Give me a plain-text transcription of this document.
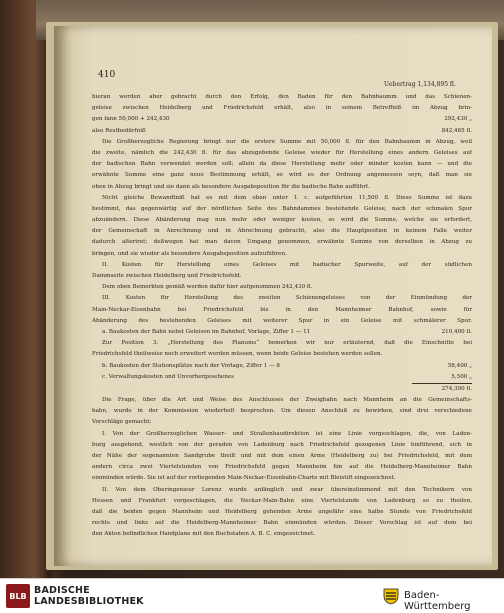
410
Uebertrag 1,134,895 fl.
hieran werden aber gebracht durch den Erfolg, den Baden für den Bahnbaumm und das Schienen-
geleise zwischen Heidelberg und Friedrichsfeld erhält, also in seinem Betreffniß im Abzug brin-
gen fann 50,000 + 242,430	292,430 „
also Restbedürfniß	842,465 fl.
Die Großherzogliche Regierung bringt nur die erstere Summe mit 50,000 fl. für den Bahnbaumm in Abzug, weil
die zweite, nämlich die 242,430 fl. für das abzugebende Geleise wieder für Herstellung eines andern Geleises auf
der badischen Bahn verwendet werden soll; allein da diese Herstellung mehr oder minder kosten kann — und die
erwähnte Summe eine ganz neue Bestimmung erhält, so wird es der Ordnung angemessen seyn, daß man sie
oben in Abzug bringt und sie dann als besondere Ausgabsposition für die badische Bahn aufführt.
Nicht gleiche Bewandtniß hat es mit dem oben unter I. c. aufgeführten 11,500 fl. Diese Summe ist dazu
bestimmt, das gegenwärtig auf der nördlichen Seite des Bahndammes bestehende Geleise, nach der schmalen Spur
abzuändern. Diese Abänderung mag nun mehr oder weniger kosten, so wird die Summe, welche sie erfordert,
der Gemeinschaft in Anrechnung und in Abrechnung gebracht, also die Hauptposition in keinem Falle weiter
dadurch alteriret; deßwegen hat man davon Umgang genommen, erwähnte Summe von derselben in Abzug zu
bringen, und sie wieder als besondere Ausgabsposition aufzuführen.
II. Kosten für Herstellung eines Geleises mit badischer Spurweite, auf der südlichen
Dammseite zwischen Heidelberg und Friedrichsfeld.
Dem oben Bemerkten gemäß werden dafür hier aufgenommen 242,430 fl.
III. Kosten für Herstellung des zweiten Schienengeleises von der Einmündung der
Main-Neckar-Eisenbahn bei Friedrichsfeld bis in den Mannheimer Bahnhof, sowie für
Abänderung des bestehenden Geleises mit weiterer Spur in ein Geleise mit schmälerer Spur.
a. Baukosten der Bahn nebst Geleisen im Bahnhof, Vorlage, Ziffer 1 — 11	210,400 fl.
Zur Position 3. „Herstellung des Planums“ bemerken wir nur erläuternd, daß die Einschnitte bei
Friedrichsfeld theilweise noch erweitert werden müssen, wenn beide Geleise bestehen werden sollen.
b. Baukosten der Stationsplätze nach der Vorlage, Ziffer 1 — 8	58,400 „
c. Verwaltungskosten und Unvorhergesehenes	5,500 „
274,300 fl.
Die Frage, über die Art und Weise des Anschlusses der Zweigbahn nach Mannheim an die Gemeinschafts-
bahn, wurde in der Kommission wiederholt besprochen. Um diesen Anschluß zu bewirken, sind drei verschiedene
Vorschläge gemacht:
I. Von der Großherzoglichen Wasser- und Straßenbaudirektion ist eine Linie vorgeschlagen, die, von Laden-
burg ausgehend, westlich von der geraden von Ladenburg nach Friedrichsfeld gezogenen Linie hinführend, sich in
der Nähe der sogenannten Sandgrube theilt und mit dem einen Arme (Heidelberg zu) bei Friedrichsfeld, mit dem
andern circa zwei Viertelstunden von Friedrichsfeld gegen Mannheim hin auf die Heidelberg-Mannheimer Bahn
einmünden würde. Sie ist auf der vorliegenden Main-Neckar-Eisenbahn-Charte mit Bleistift eingezeichnet.
II. Von dem Oberingenieur Lorenz wurde anfänglich und zwar übereinstimmend mit den Technikern von
Hessen und Frankfurt vorgeschlagen, die Neckar-Main-Bahn eine Viertelstunde von Ladenburg so zu theilen,
daß die beiden gegen Mannheim und Heidelberg gehenden Arme ungefähr eine halbe Stunde von Friedrichsfeld
rechts und links auf die Heidelberg-Mannheimer Bahn einmünden würden. Dieser Vorschlag ist auf dem bei
den Akten befindlichen Handplane mit den Buchstaben A. B. C. eingezeichnet.
BLB BADISCHE
LANDESBIBLIOTHEK
Baden-Württemberg
